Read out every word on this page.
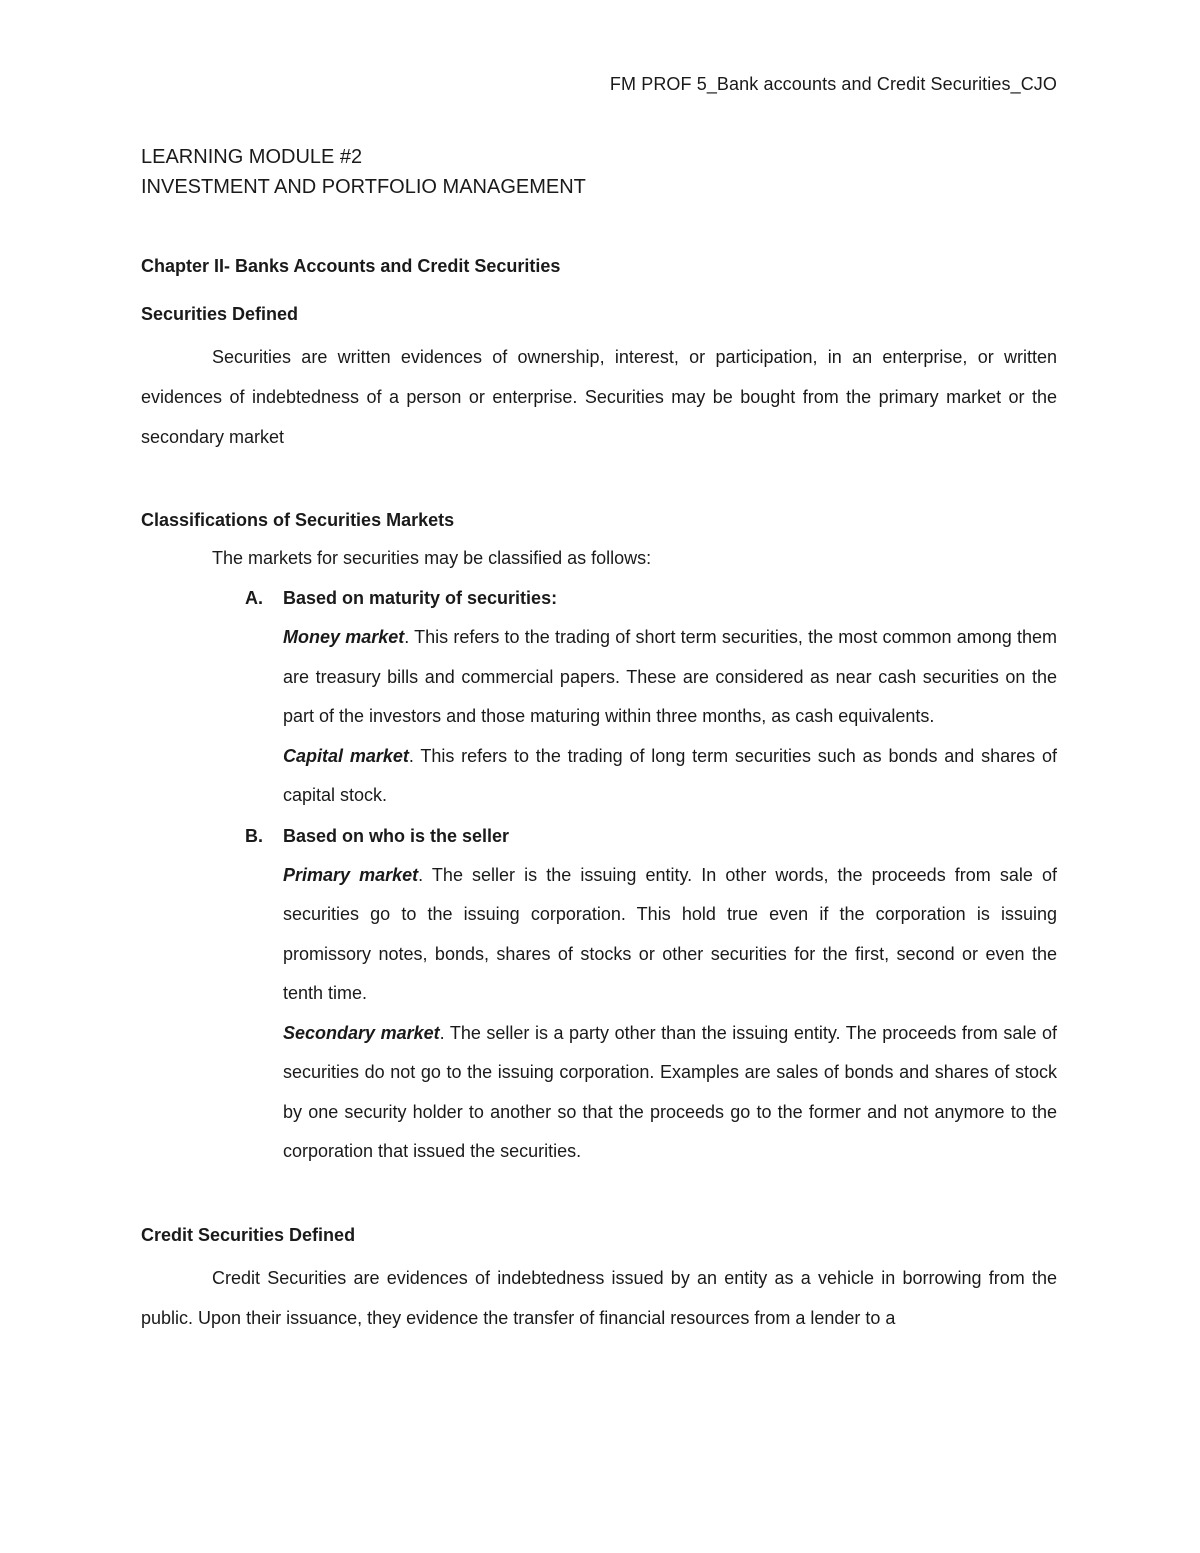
FM PROF 5_Bank accounts and Credit Securities_CJO

LEARNING MODULE #2

INVESTMENT AND PORTFOLIO MANAGEMENT

Chapter II- Banks Accounts and Credit Securities

Securities Defined

Securities are written evidences of ownership, interest, or participation, in an enterprise, or written evidences of indebtedness of a person or enterprise. Securities may be bought from the primary market or the secondary market

Classifications of Securities Markets

The markets for securities may be classified as follows:

A. Based on maturity of securities:

Money market. This refers to the trading of short term securities, the most common among them are treasury bills and commercial papers. These are considered as near cash securities on the part of the investors and those maturing within three months, as cash equivalents.

Capital market. This refers to the trading of long term securities such as bonds and shares of capital stock.

B. Based on who is the seller

Primary market. The seller is the issuing entity. In other words, the proceeds from sale of securities go to the issuing corporation. This hold true even if the corporation is issuing promissory notes, bonds, shares of stocks or other securities for the first, second or even the tenth time.

Secondary market. The seller is a party other than the issuing entity. The proceeds from sale of securities do not go to the issuing corporation. Examples are sales of bonds and shares of stock by one security holder to another so that the proceeds go to the former and not anymore to the corporation that issued the securities.

Credit Securities Defined

Credit Securities are evidences of indebtedness issued by an entity as a vehicle in borrowing from the public. Upon their issuance, they evidence the transfer of financial resources from a lender to a
